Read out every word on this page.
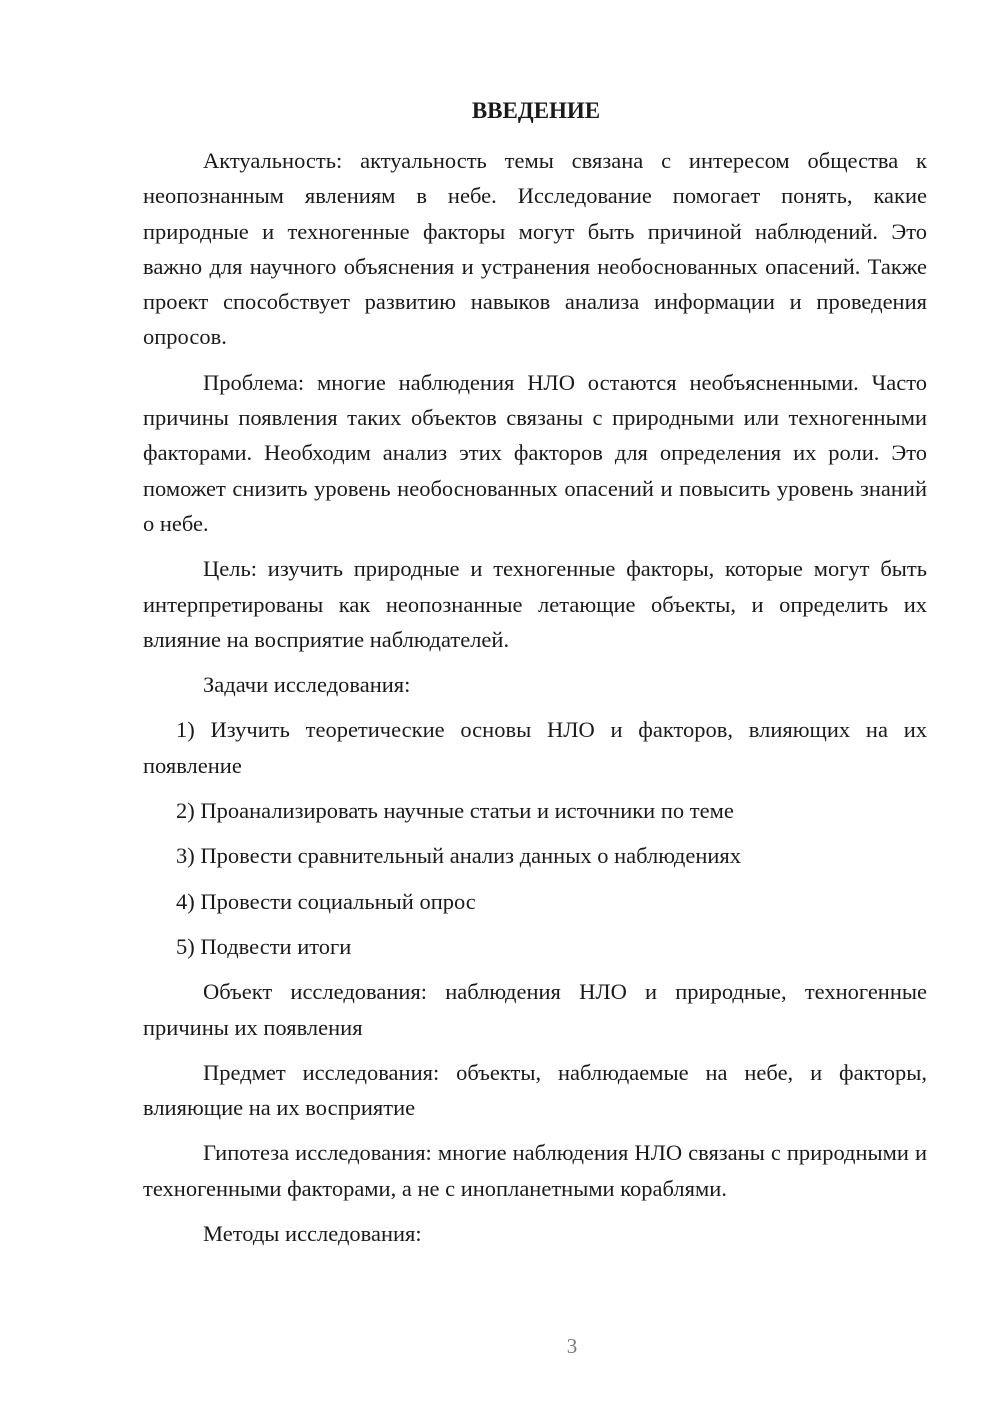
ВВЕДЕНИЕ

Актуальность: актуальность темы связана с интересом общества к неопознанным явлениям в небе. Исследование помогает понять, какие природные и техногенные факторы могут быть причиной наблюдений. Это важно для научного объяснения и устранения необоснованных опасений. Также проект способствует развитию навыков анализа информации и проведения опросов.

Проблема: многие наблюдения НЛО остаются необъясненными. Часто причины появления таких объектов связаны с природными или техногенными факторами. Необходим анализ этих факторов для определения их роли. Это поможет снизить уровень необоснованных опасений и повысить уровень знаний о небе.

Цель: изучить природные и техногенные факторы, которые могут быть интерпретированы как неопознанные летающие объекты, и определить их влияние на восприятие наблюдателей.

Задачи исследования:

1) Изучить теоретические основы НЛО и факторов, влияющих на их появление

2) Проанализировать научные статьи и источники по теме

3) Провести сравнительный анализ данных о наблюдениях

4) Провести социальный опрос

5) Подвести итоги

Объект исследования: наблюдения НЛО и природные, техногенные причины их появления

Предмет исследования: объекты, наблюдаемые на небе, и факторы, влияющие на их восприятие

Гипотеза исследования: многие наблюдения НЛО связаны с природными и техногенными факторами, а не с инопланетными кораблями.

Методы исследования:

3
